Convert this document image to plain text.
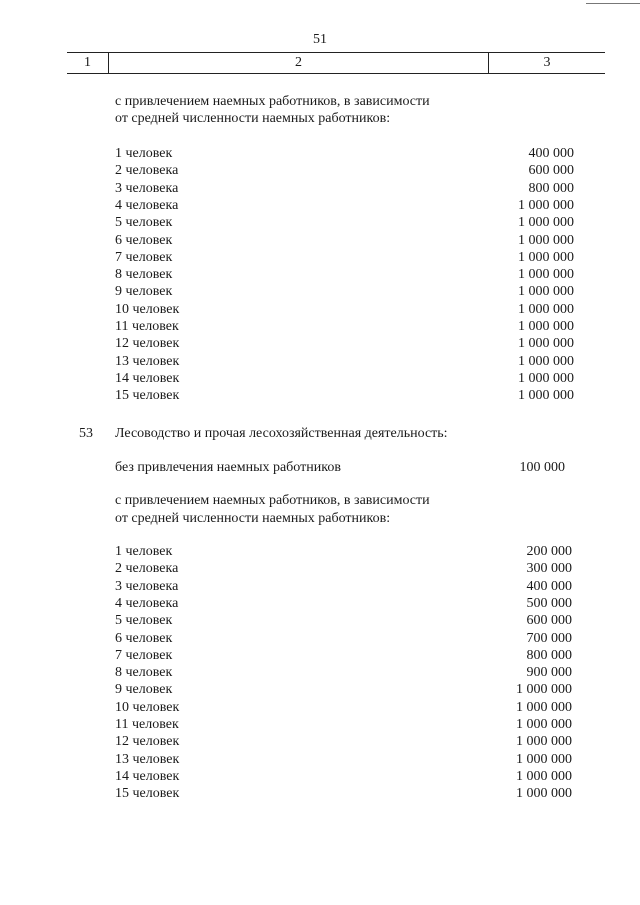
51
1	2	3
с привлечением наемных работников, в зависимости
от средней численности наемных работников:
1 человек	400 000
2 человека	600 000
3 человека	800 000
4 человека	1 000 000
5 человек	1 000 000
6 человек	1 000 000
7 человек	1 000 000
8 человек	1 000 000
9 человек	1 000 000
10 человек	1 000 000
11 человек	1 000 000
12 человек	1 000 000
13 человек	1 000 000
14 человек	1 000 000
15 человек	1 000 000
53 Лесоводство и прочая лесохозяйственная деятельность:
без привлечения наемных работников	100 000
с привлечением наемных работников, в зависимости
от средней численности наемных работников:
1 человек	200 000
2 человека	300 000
3 человека	400 000
4 человека	500 000
5 человек	600 000
6 человек	700 000
7 человек	800 000
8 человек	900 000
9 человек	1 000 000
10 человек	1 000 000
11 человек	1 000 000
12 человек	1 000 000
13 человек	1 000 000
14 человек	1 000 000
15 человек	1 000 000
